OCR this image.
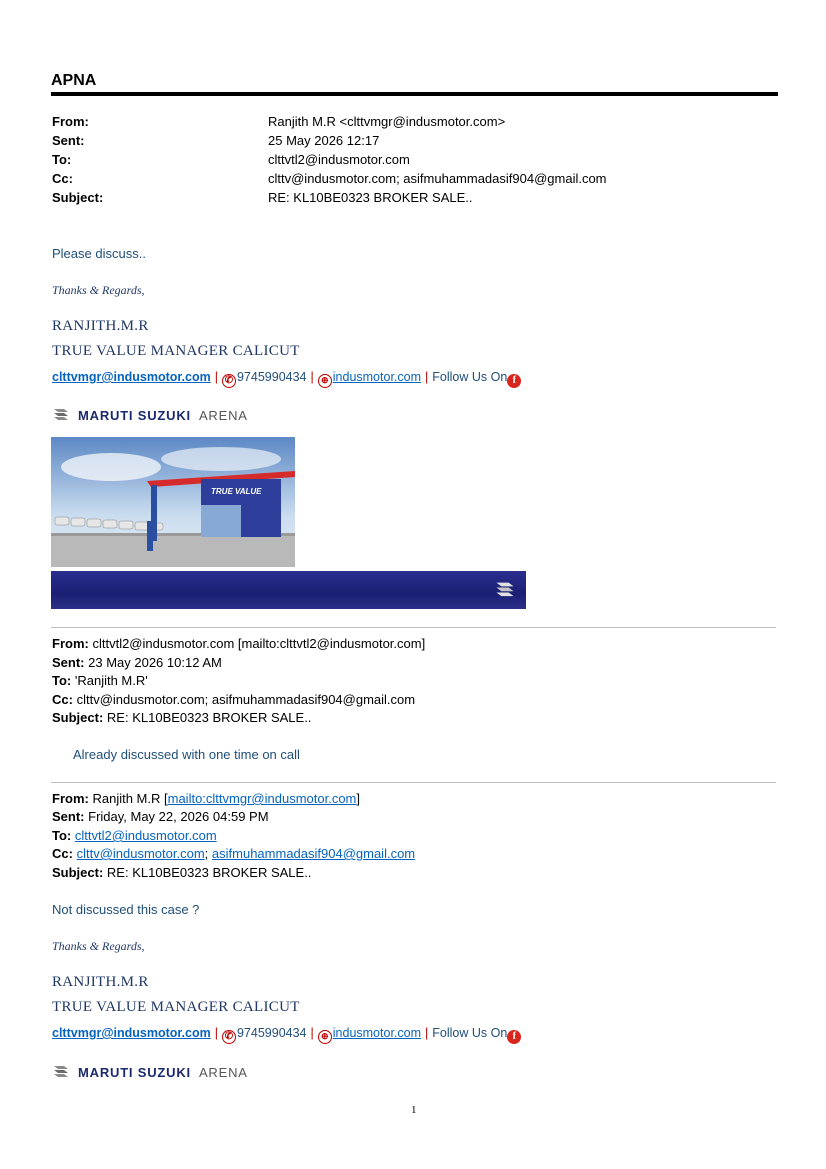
APNA
From:	Ranjith M.R <clttvmgr@indusmotor.com>
Sent:	25 May 2026 12:17
To:	clttvtl2@indusmotor.com
Cc:	clttv@indusmotor.com; asifmuhammadasif904@gmail.com
Subject:	RE: KL10BE0323 BROKER SALE..
Please discuss..
Thanks & Regards,
RANJITH.M.R
TRUE VALUE MANAGER CALICUT
clttvmgr@indusmotor.com | ✆ 9745990434 | ⊕ indusmotor.com | Follow Us On f
MARUTI SUZUKI ARENA
TRUE VALUE
From: clttvtl2@indusmotor.com [mailto:clttvtl2@indusmotor.com]
Sent: 23 May 2026 10:12 AM
To: 'Ranjith M.R'
Cc: clttv@indusmotor.com; asifmuhammadasif904@gmail.com
Subject: RE: KL10BE0323 BROKER SALE..
Already discussed with one time on call
From: Ranjith M.R [mailto:clttvmgr@indusmotor.com]
Sent: Friday, May 22, 2026 04:59 PM
To: clttvtl2@indusmotor.com
Cc: clttv@indusmotor.com; asifmuhammadasif904@gmail.com
Subject: RE: KL10BE0323 BROKER SALE..
Not discussed this case ?
Thanks & Regards,
RANJITH.M.R
TRUE VALUE MANAGER CALICUT
clttvmgr@indusmotor.com | ✆ 9745990434 | ⊕ indusmotor.com | Follow Us On f
MARUTI SUZUKI ARENA
1
